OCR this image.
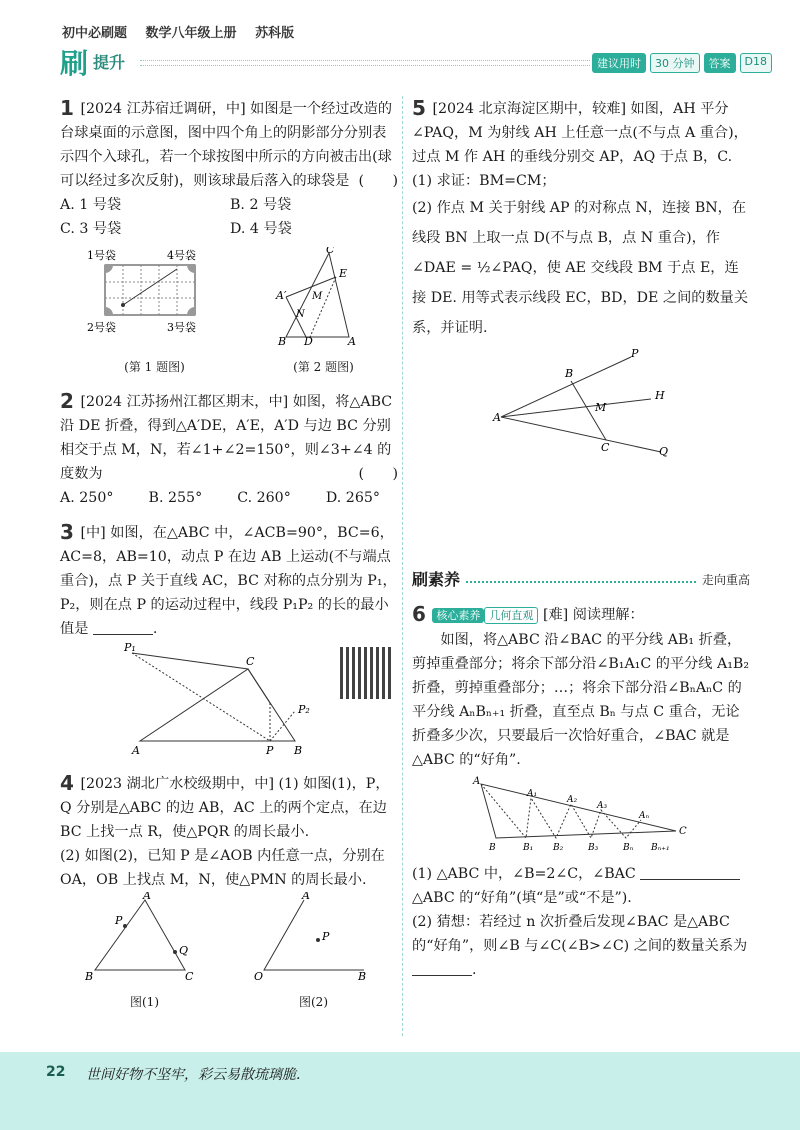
初中必刷题 数学八年级上册 苏科版
刷 提升	建议用时	30 分钟	答案	D18
1 [2024 江苏宿迁调研，中] 如图是一个经过改造的台球桌面的示意图，图中四个角上的阴影部分分别表示四个入球孔，若一个球按图中所示的方向被击出(球可以经过多次反射)，则该球最后落入的球袋是 (　　)
A. 1 号袋	B. 2 号袋
C. 3 号袋	D. 4 号袋
1号袋	4号袋
2号袋	3号袋
(第 1 题图)
C
E
A′
B D	A
M
N
(第 2 题图)
2 [2024 江苏扬州江都区期末，中] 如图，将△ABC 沿 DE 折叠，得到△A′DE，A′E，A′D 与边 BC 分别相交于点 M，N，若∠1+∠2=150°，则∠3+∠4 的度数为	(　　)
A. 250° B. 255° C. 260° D. 265°
3 [中] 如图，在△ABC 中，∠ACB=90°，BC=6，AC=8，AB=10，动点 P 在边 AB 上运动(不与端点重合)，点 P 关于直线 AC，BC 对称的点分别为 P₁，P₂，则在点 P 的运动过程中，线段 P₁P₂ 的长的最小值是	.
P₁
C
P₂
A	P B
4 [2023 湖北广水校级期中，中] (1) 如图(1)，P，Q 分别是△ABC 的边 AB，AC 上的两个定点，在边 BC 上找一点 R，使△PQR 的周长最小.
(2) 如图(2)，已知 P 是∠AOB 内任意一点，分别在 OA，OB 上找点 M，N，使△PMN 的周长最小.
A
B	C
P
Q
图(1)
A
O	B
P
图(2)
5 [2024 北京海淀区期中，较难] 如图，AH 平分∠PAQ，M 为射线 AH 上任意一点(不与点 A 重合)，过点 M 作 AH 的垂线分别交 AP，AQ 于点 B，C.
(1) 求证：BM=CM；
(2) 作点 M 关于射线 AP 的对称点 N，连接 BN，在线段 BN 上取一点 D(不与点 B，点 N 重合)，作∠DAE = ½∠PAQ，使 AE 交线段 BM 于点 E，连接 DE. 用等式表示线段 EC，BD，DE 之间的数量关系，并证明.
A
P
H
Q
B
M
C
刷素养	走向重高
6 核心素养 几何直观 [难] 阅读理解：
如图，将△ABC 沿∠BAC 的平分线 AB₁ 折叠，剪掉重叠部分；将余下部分沿∠B₁A₁C 的平分线 A₁B₂ 折叠，剪掉重叠部分；…；将余下部分沿∠BₙAₙC 的平分线 AₙBₙ₊₁ 折叠，直至点 Bₙ 与点 C 重合，无论折叠多少次，只要最后一次恰好重合，∠BAC 就是△ABC 的“好角”.
A
C
B	B₁ B₂	B₃	Bₙ Bₙ₊₁
A₁
A₂
A₃
Aₙ
(1) △ABC 中，∠B=2∠C，∠BAC
△ABC 的“好角”(填“是”或“不是”).
(2) 猜想：若经过 n 次折叠后发现∠BAC 是△ABC 的“好角”，则∠B 与∠C(∠B>∠C) 之间的数量关系为 .
22 世间好物不坚牢，彩云易散琉璃脆.
